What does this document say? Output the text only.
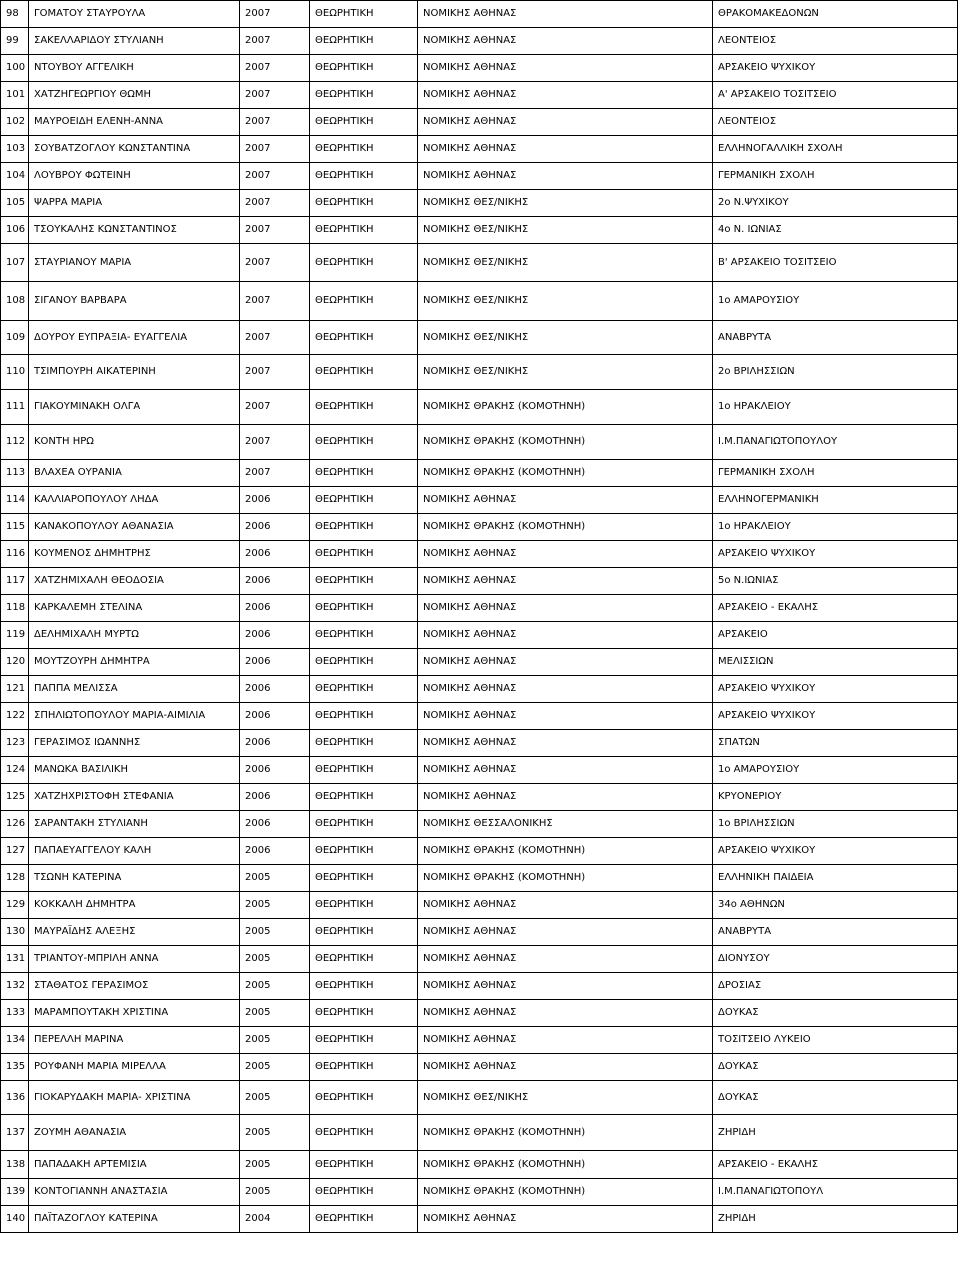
98	ΓΟΜΑΤΟΥ ΣΤΑΥΡΟΥΛΑ	2007	ΘΕΩΡΗΤΙΚΗ	ΝΟΜΙΚΗΣ ΑΘΗΝΑΣ	ΘΡΑΚΟΜΑΚΕΔΟΝΩΝ
99	ΣΑΚΕΛΛΑΡΙΔΟΥ ΣΤΥΛΙΑΝΗ	2007	ΘΕΩΡΗΤΙΚΗ	ΝΟΜΙΚΗΣ ΑΘΗΝΑΣ	ΛΕΟΝΤΕΙΟΣ
100	ΝΤΟΥΒΟΥ ΑΓΓΕΛΙΚΗ	2007	ΘΕΩΡΗΤΙΚΗ	ΝΟΜΙΚΗΣ ΑΘΗΝΑΣ	ΑΡΣΑΚΕΙΟ ΨΥΧΙΚΟΥ
101	ΧΑΤΖΗΓΕΩΡΓΙΟΥ ΘΩΜΗ	2007	ΘΕΩΡΗΤΙΚΗ	ΝΟΜΙΚΗΣ ΑΘΗΝΑΣ	Α' ΑΡΣΑΚΕΙΟ ΤΟΣΙΤΣΕΙΟ
102	ΜΑΥΡΟΕΙΔΗ ΕΛΕΝΗ-ΑΝΝΑ	2007	ΘΕΩΡΗΤΙΚΗ	ΝΟΜΙΚΗΣ ΑΘΗΝΑΣ	ΛΕΟΝΤΕΙΟΣ
103	ΣΟΥΒΑΤΖΟΓΛΟΥ ΚΩΝΣΤΑΝΤΙΝΑ	2007	ΘΕΩΡΗΤΙΚΗ	ΝΟΜΙΚΗΣ ΑΘΗΝΑΣ	ΕΛΛΗΝΟΓΑΛΛΙΚΗ ΣΧΟΛΗ
104	ΛΟΥΒΡΟΥ ΦΩΤΕΙΝΗ	2007	ΘΕΩΡΗΤΙΚΗ	ΝΟΜΙΚΗΣ ΑΘΗΝΑΣ	ΓΕΡΜΑΝΙΚΗ ΣΧΟΛΗ
105	ΨΑΡΡΑ ΜΑΡΙΑ	2007	ΘΕΩΡΗΤΙΚΗ	ΝΟΜΙΚΗΣ ΘΕΣ/ΝΙΚΗΣ	2ο Ν.ΨΥΧΙΚΟΥ
106	ΤΣΟΥΚΑΛΗΣ ΚΩΝΣΤΑΝΤΙΝΟΣ	2007	ΘΕΩΡΗΤΙΚΗ	ΝΟΜΙΚΗΣ ΘΕΣ/ΝΙΚΗΣ	4ο Ν. ΙΩΝΙΑΣ
107	ΣΤΑΥΡΙΑΝΟΥ ΜΑΡΙΑ	2007	ΘΕΩΡΗΤΙΚΗ	ΝΟΜΙΚΗΣ ΘΕΣ/ΝΙΚΗΣ	Β' ΑΡΣΑΚΕΙΟ ΤΟΣΙΤΣΕΙΟ
108	ΣΙΓΑΝΟΥ ΒΑΡΒΑΡΑ	2007	ΘΕΩΡΗΤΙΚΗ	ΝΟΜΙΚΗΣ ΘΕΣ/ΝΙΚΗΣ	1ο ΑΜΑΡΟΥΣΙΟΥ
109	ΔΟΥΡΟΥ ΕΥΠΡΑΞΙΑ- ΕΥΑΓΓΕΛΙΑ	2007	ΘΕΩΡΗΤΙΚΗ	ΝΟΜΙΚΗΣ ΘΕΣ/ΝΙΚΗΣ	ΑΝΑΒΡΥΤΑ
110	ΤΣΙΜΠΟΥΡΗ ΑΙΚΑΤΕΡΙΝΗ	2007	ΘΕΩΡΗΤΙΚΗ	ΝΟΜΙΚΗΣ ΘΕΣ/ΝΙΚΗΣ	2ο ΒΡΙΛΗΣΣΙΩΝ
111	ΓΙΑΚΟΥΜΙΝΑΚΗ ΟΛΓΑ	2007	ΘΕΩΡΗΤΙΚΗ	ΝΟΜΙΚΗΣ ΘΡΑΚΗΣ (ΚΟΜΟΤΗΝΗ)	1ο ΗΡΑΚΛΕΙΟΥ
112	ΚΟΝΤΗ ΗΡΩ	2007	ΘΕΩΡΗΤΙΚΗ	ΝΟΜΙΚΗΣ ΘΡΑΚΗΣ (ΚΟΜΟΤΗΝΗ)	Ι.Μ.ΠΑΝΑΓΙΩΤΟΠΟΥΛΟΥ
113	ΒΛΑΧΕΑ ΟΥΡΑΝΙΑ	2007	ΘΕΩΡΗΤΙΚΗ	ΝΟΜΙΚΗΣ ΘΡΑΚΗΣ (ΚΟΜΟΤΗΝΗ)	ΓΕΡΜΑΝΙΚΗ ΣΧΟΛΗ
114	ΚΑΛΛΙΑΡΟΠΟΥΛΟΥ ΛΗΔΑ	2006	ΘΕΩΡΗΤΙΚΗ	ΝΟΜΙΚΗΣ ΑΘΗΝΑΣ	ΕΛΛΗΝΟΓΕΡΜΑΝΙΚΗ
115	ΚΑΝΑΚΟΠΟΥΛΟΥ ΑΘΑΝΑΣΙΑ	2006	ΘΕΩΡΗΤΙΚΗ	ΝΟΜΙΚΗΣ ΘΡΑΚΗΣ (ΚΟΜΟΤΗΝΗ)	1ο ΗΡΑΚΛΕΙΟΥ
116	ΚΟΥΜΕΝΟΣ ΔΗΜΗΤΡΗΣ	2006	ΘΕΩΡΗΤΙΚΗ	ΝΟΜΙΚΗΣ ΑΘΗΝΑΣ	ΑΡΣΑΚΕΙΟ ΨΥΧΙΚΟΥ
117	ΧΑΤΖΗΜΙΧΑΛΗ ΘΕΟΔΟΣΙΑ	2006	ΘΕΩΡΗΤΙΚΗ	ΝΟΜΙΚΗΣ ΑΘΗΝΑΣ	5ο Ν.ΙΩΝΙΑΣ
118	ΚΑΡΚΑΛΕΜΗ ΣΤΕΛΙΝΑ	2006	ΘΕΩΡΗΤΙΚΗ	ΝΟΜΙΚΗΣ ΑΘΗΝΑΣ	ΑΡΣΑΚΕΙΟ - ΕΚΑΛΗΣ
119	ΔΕΛΗΜΙΧΑΛΗ ΜΥΡΤΩ	2006	ΘΕΩΡΗΤΙΚΗ	ΝΟΜΙΚΗΣ ΑΘΗΝΑΣ	ΑΡΣΑΚΕΙΟ
120	ΜΟΥΤΖΟΥΡΗ ΔΗΜΗΤΡΑ	2006	ΘΕΩΡΗΤΙΚΗ	ΝΟΜΙΚΗΣ ΑΘΗΝΑΣ	ΜΕΛΙΣΣΙΩΝ
121	ΠΑΠΠΑ ΜΕΛΙΣΣΑ	2006	ΘΕΩΡΗΤΙΚΗ	ΝΟΜΙΚΗΣ ΑΘΗΝΑΣ	ΑΡΣΑΚΕΙΟ ΨΥΧΙΚΟΥ
122	ΣΠΗΛΙΩΤΟΠΟΥΛΟΥ ΜΑΡΙΑ-ΑΙΜΙΛΙΑ	2006	ΘΕΩΡΗΤΙΚΗ	ΝΟΜΙΚΗΣ ΑΘΗΝΑΣ	ΑΡΣΑΚΕΙΟ ΨΥΧΙΚΟΥ
123	ΓΕΡΑΣΙΜΟΣ ΙΩΑΝΝΗΣ	2006	ΘΕΩΡΗΤΙΚΗ	ΝΟΜΙΚΗΣ ΑΘΗΝΑΣ	ΣΠΑΤΩΝ
124	ΜΑΝΩΚΑ ΒΑΣΙΛΙΚΗ	2006	ΘΕΩΡΗΤΙΚΗ	ΝΟΜΙΚΗΣ ΑΘΗΝΑΣ	1ο ΑΜΑΡΟΥΣΙΟΥ
125	ΧΑΤΖΗΧΡΙΣΤΟΦΗ ΣΤΕΦΑΝΙΑ	2006	ΘΕΩΡΗΤΙΚΗ	ΝΟΜΙΚΗΣ ΑΘΗΝΑΣ	ΚΡΥΟΝΕΡΙΟΥ
126	ΣΑΡΑΝΤΑΚΗ ΣΤΥΛΙΑΝΗ	2006	ΘΕΩΡΗΤΙΚΗ	ΝΟΜΙΚΗΣ ΘΕΣΣΑΛΟΝΙΚΗΣ	1ο ΒΡΙΛΗΣΣΙΩΝ
127	ΠΑΠΑΕΥΑΓΓΕΛΟΥ ΚΑΛΗ	2006	ΘΕΩΡΗΤΙΚΗ	ΝΟΜΙΚΗΣ ΘΡΑΚΗΣ (ΚΟΜΟΤΗΝΗ)	ΑΡΣΑΚΕΙΟ ΨΥΧΙΚΟΥ
128	ΤΣΩΝΗ ΚΑΤΕΡΙΝΑ	2005	ΘΕΩΡΗΤΙΚΗ	ΝΟΜΙΚΗΣ ΘΡΑΚΗΣ (ΚΟΜΟΤΗΝΗ)	ΕΛΛΗΝΙΚΗ ΠΑΙΔΕΙΑ
129	ΚΟΚΚΑΛΗ ΔΗΜΗΤΡΑ	2005	ΘΕΩΡΗΤΙΚΗ	ΝΟΜΙΚΗΣ ΑΘΗΝΑΣ	34ο ΑΘΗΝΩΝ
130	ΜΑΥΡΑΪΔΗΣ ΑΛΕΞΗΣ	2005	ΘΕΩΡΗΤΙΚΗ	ΝΟΜΙΚΗΣ ΑΘΗΝΑΣ	ΑΝΑΒΡΥΤΑ
131	ΤΡΙΑΝΤΟΥ-ΜΠΡΙΛΗ ΑΝΝΑ	2005	ΘΕΩΡΗΤΙΚΗ	ΝΟΜΙΚΗΣ ΑΘΗΝΑΣ	ΔΙΟΝΥΣΟΥ
132	ΣΤΑΘΑΤΟΣ ΓΕΡΑΣΙΜΟΣ	2005	ΘΕΩΡΗΤΙΚΗ	ΝΟΜΙΚΗΣ ΑΘΗΝΑΣ	ΔΡΟΣΙΑΣ
133	ΜΑΡΑΜΠΟΥΤΑΚΗ ΧΡΙΣΤΙΝΑ	2005	ΘΕΩΡΗΤΙΚΗ	ΝΟΜΙΚΗΣ ΑΘΗΝΑΣ	ΔΟΥΚΑΣ
134	ΠΕΡΕΛΛΗ ΜΑΡΙΝΑ	2005	ΘΕΩΡΗΤΙΚΗ	ΝΟΜΙΚΗΣ ΑΘΗΝΑΣ	ΤΟΣΙΤΣΕΙΟ ΛΥΚΕΙΟ
135	ΡΟΥΦΑΝΗ ΜΑΡΙΑ ΜΙΡΕΛΛΑ	2005	ΘΕΩΡΗΤΙΚΗ	ΝΟΜΙΚΗΣ ΑΘΗΝΑΣ	ΔΟΥΚΑΣ
136	ΓΙΟΚΑΡΥΔΑΚΗ ΜΑΡΙΑ- ΧΡΙΣΤΙΝΑ	2005	ΘΕΩΡΗΤΙΚΗ	ΝΟΜΙΚΗΣ ΘΕΣ/ΝΙΚΗΣ	ΔΟΥΚΑΣ
137	ΖΟΥΜΗ ΑΘΑΝΑΣΙΑ	2005	ΘΕΩΡΗΤΙΚΗ	ΝΟΜΙΚΗΣ ΘΡΑΚΗΣ (ΚΟΜΟΤΗΝΗ)	ΖΗΡΙΔΗ
138	ΠΑΠΑΔΑΚΗ ΑΡΤΕΜΙΣΙΑ	2005	ΘΕΩΡΗΤΙΚΗ	ΝΟΜΙΚΗΣ ΘΡΑΚΗΣ (ΚΟΜΟΤΗΝΗ)	ΑΡΣΑΚΕΙΟ - ΕΚΑΛΗΣ
139	ΚΟΝΤΟΓΙΑΝΝΗ ΑΝΑΣΤΑΣΙΑ	2005	ΘΕΩΡΗΤΙΚΗ	ΝΟΜΙΚΗΣ ΘΡΑΚΗΣ (ΚΟΜΟΤΗΝΗ)	Ι.Μ.ΠΑΝΑΓΙΩΤΟΠΟΥΛ
140	ΠΑΪΤΑΖΟΓΛΟΥ ΚΑΤΕΡΙΝΑ	2004	ΘΕΩΡΗΤΙΚΗ	ΝΟΜΙΚΗΣ ΑΘΗΝΑΣ	ΖΗΡΙΔΗ
